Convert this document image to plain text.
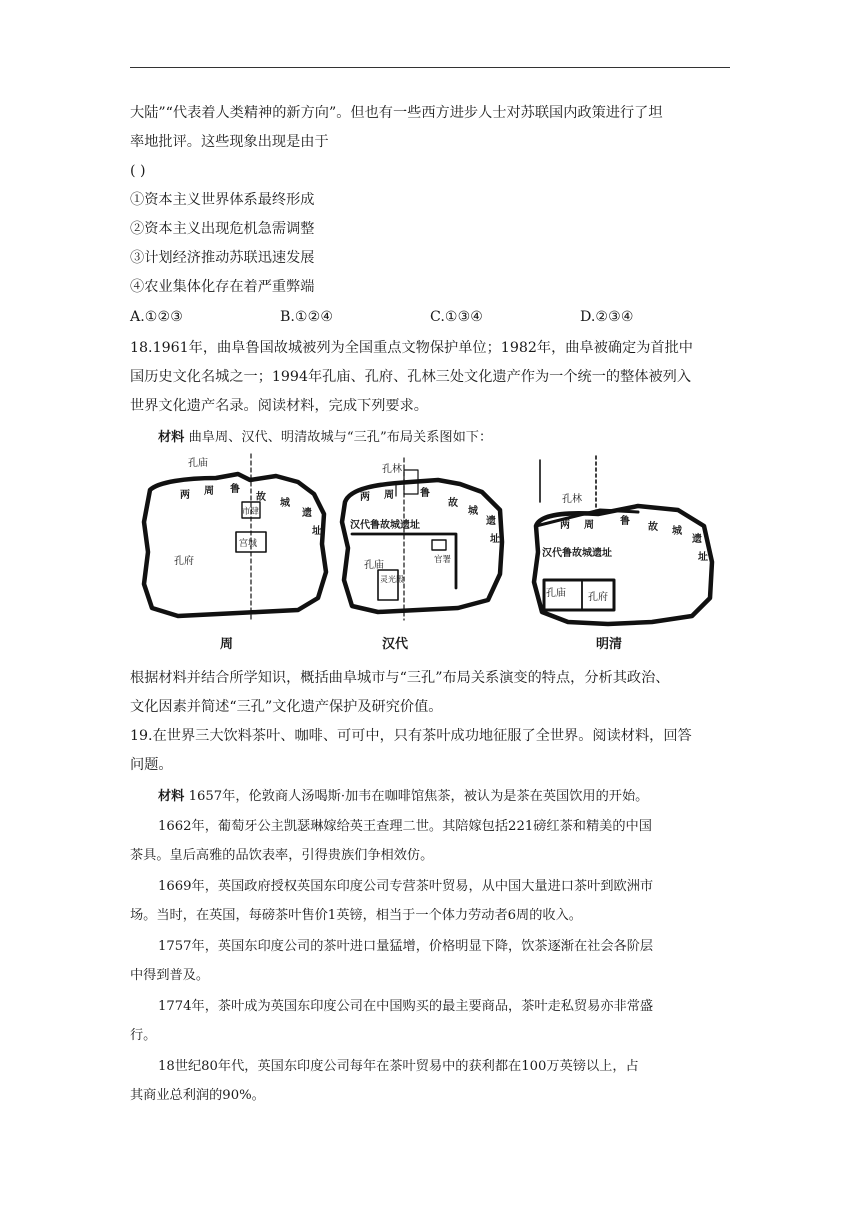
大陆”“代表着人类精神的新方向”。但也有一些西方进步人士对苏联国内政策进行了坦
率地批评。这些现象出现是由于
( )
①资本主义世界体系最终形成
②资本主义出现危机急需调整
③计划经济推动苏联迅速发展
④农业集体化存在着严重弊端
A.①②③	B.①②④	C.①③④	D.②③④
18.1961年，曲阜鲁国故城被列为全国重点文物保护单位；1982年，曲阜被确定为首批中
国历史文化名城之一；1994年孔庙、孔府、孔林三处文化遗产作为一个统一的整体被列入
世界文化遗产名录。阅读材料，完成下列要求。
材料 曲阜周、汉代、明清故城与“三孔”布局关系图如下：
孔庙
孔府
市肆
宫城
两 周 鲁
故
城
遗
址
孔林
孔庙	官署
灵光殿
汉代鲁故城遗址
两 周	鲁
故
城
遗
址
孔林
孔庙 孔府
汉代鲁故城遗址
两 周	鲁
故 城
遗
址
周	汉代	明清
根据材料并结合所学知识，概括曲阜城市与“三孔”布局关系演变的特点，分析其政治、
文化因素并简述“三孔”文化遗产保护及研究价值。
19.在世界三大饮料茶叶、咖啡、可可中，只有茶叶成功地征服了全世界。阅读材料，回答
问题。
材料 1657年，伦敦商人汤喝斯·加韦在咖啡馆焦茶，被认为是茶在英国饮用的开始。
1662年，葡萄牙公主凯瑟琳嫁给英王查理二世。其陪嫁包括221磅红茶和精美的中国
茶具。皇后高雅的品饮表率，引得贵族们争相效仿。
1669年，英国政府授权英国东印度公司专营茶叶贸易，从中国大量进口茶叶到欧洲市
场。当时，在英国，每磅茶叶售价1英镑，相当于一个体力劳动者6周的收入。
1757年，英国东印度公司的茶叶进口量猛增，价格明显下降，饮茶逐渐在社会各阶层
中得到普及。
1774年，茶叶成为英国东印度公司在中国购买的最主要商品，茶叶走私贸易亦非常盛
行。
18世纪80年代，英国东印度公司每年在茶叶贸易中的获利都在100万英镑以上，占
其商业总利润的90%。
